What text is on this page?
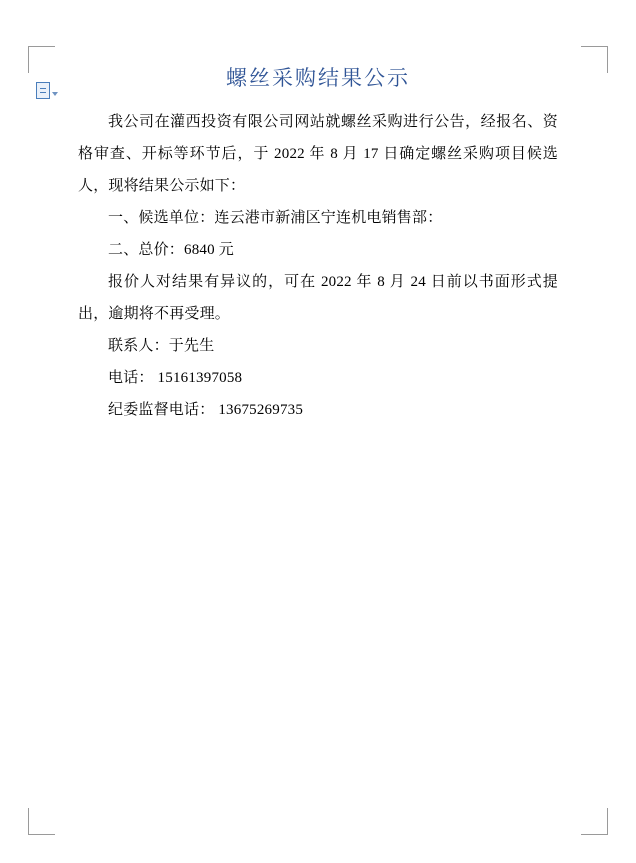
螺丝采购结果公示

我公司在灌西投资有限公司网站就螺丝采购进行公告，经报名、资格审查、开标等环节后，于 2022 年 8 月 17 日确定螺丝采购项目候选人，现将结果公示如下：

一、候选单位：连云港市新浦区宁连机电销售部：

二、总价：6840 元

报价人对结果有异议的，可在 2022 年 8 月 24 日前以书面形式提出，逾期将不再受理。

联系人：于先生

电话： 15161397058

纪委监督电话： 13675269735
